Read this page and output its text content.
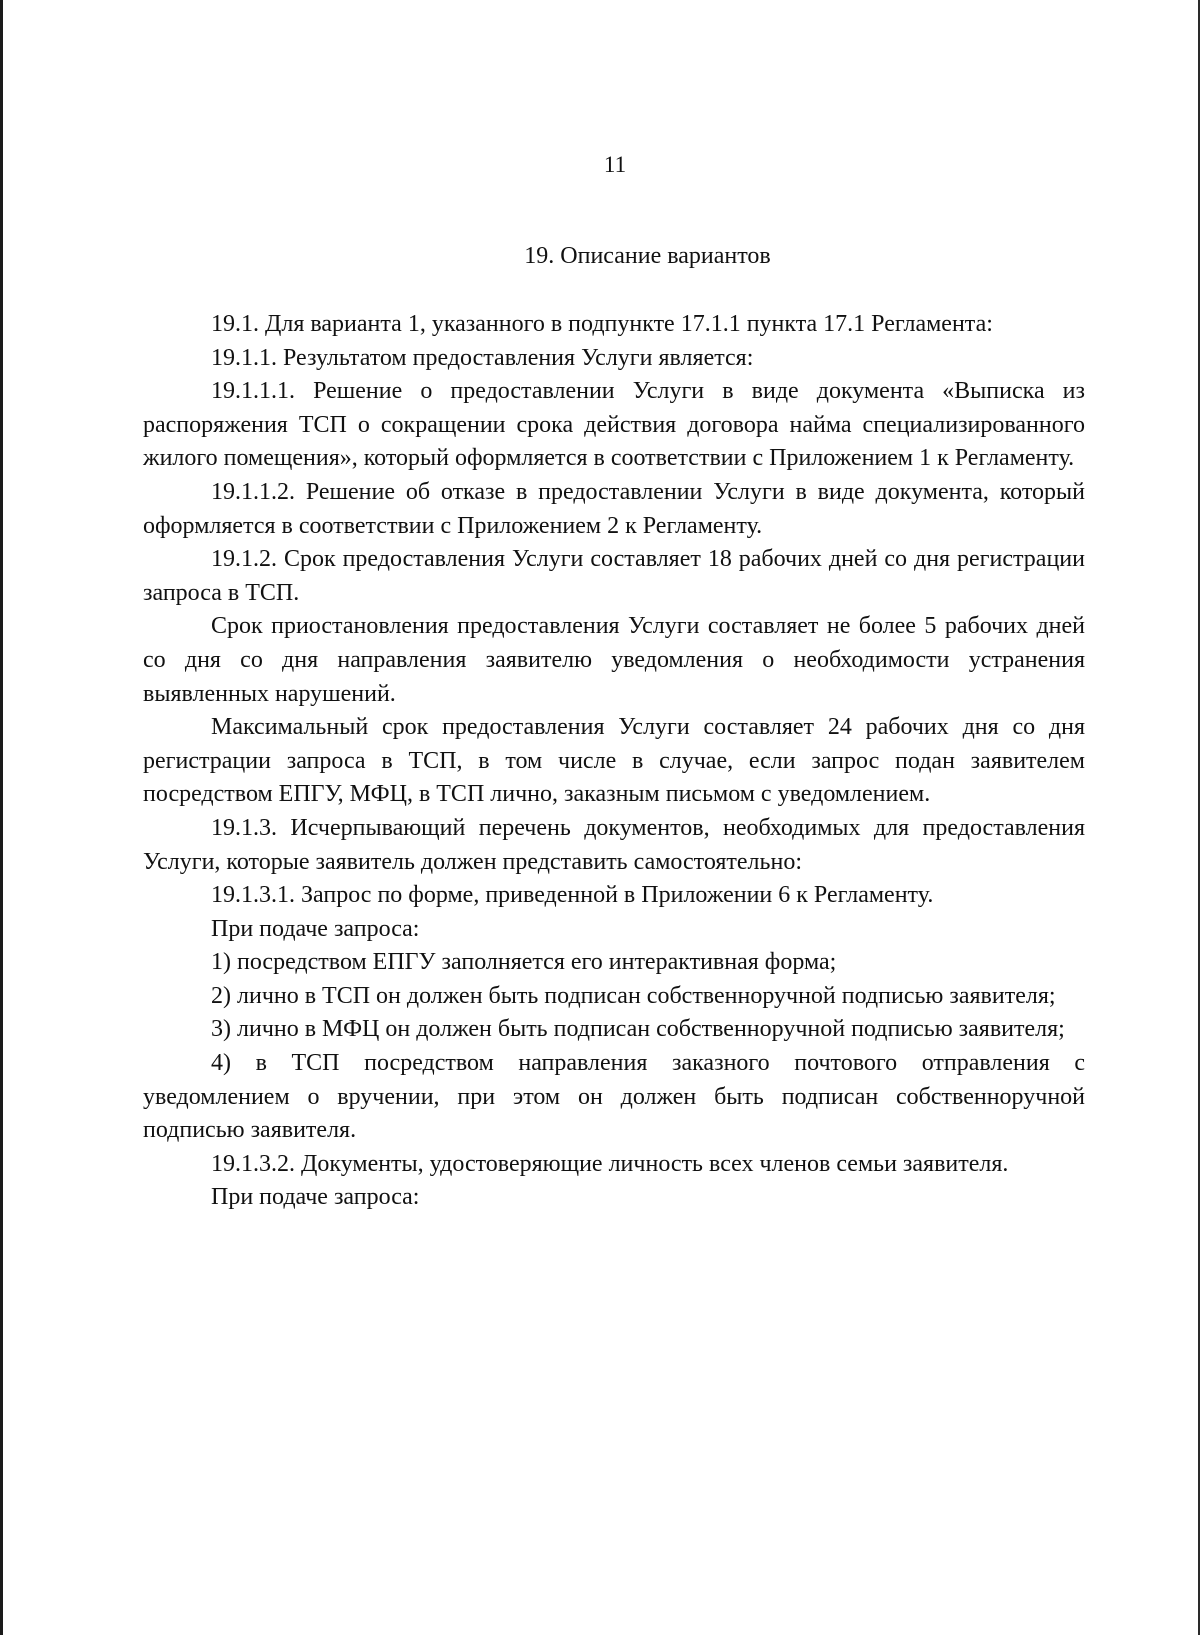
11
19. Описание вариантов

19.1. Для варианта 1, указанного в подпункте 17.1.1 пункта 17.1 Регламента:

19.1.1. Результатом предоставления Услуги является:

19.1.1.1. Решение о предоставлении Услуги в виде документа «Выписка из распоряжения ТСП о сокращении срока действия договора найма специализированного жилого помещения», который оформляется в соответствии с Приложением 1 к Регламенту.

19.1.1.2. Решение об отказе в предоставлении Услуги в виде документа, который оформляется в соответствии с Приложением 2 к Регламенту.

19.1.2. Срок предоставления Услуги составляет 18 рабочих дней со дня регистрации запроса в ТСП.

Срок приостановления предоставления Услуги составляет не более 5 рабочих дней со дня со дня направления заявителю уведомления о необходимости устранения выявленных нарушений.

Максимальный срок предоставления Услуги составляет 24 рабочих дня со дня регистрации запроса в ТСП, в том числе в случае, если запрос подан заявителем посредством ЕПГУ, МФЦ, в ТСП лично, заказным письмом с уведомлением.

19.1.3. Исчерпывающий перечень документов, необходимых для предоставления Услуги, которые заявитель должен представить самостоятельно:

19.1.3.1. Запрос по форме, приведенной в Приложении 6 к Регламенту.

При подаче запроса:

1) посредством ЕПГУ заполняется его интерактивная форма;

2) лично в ТСП он должен быть подписан собственноручной подписью заявителя;

3) лично в МФЦ он должен быть подписан собственноручной подписью заявителя;

4) в ТСП посредством направления заказного почтового отправления с уведомлением о вручении, при этом он должен быть подписан собственноручной подписью заявителя.

19.1.3.2. Документы, удостоверяющие личность всех членов семьи заявителя.

При подаче запроса:
